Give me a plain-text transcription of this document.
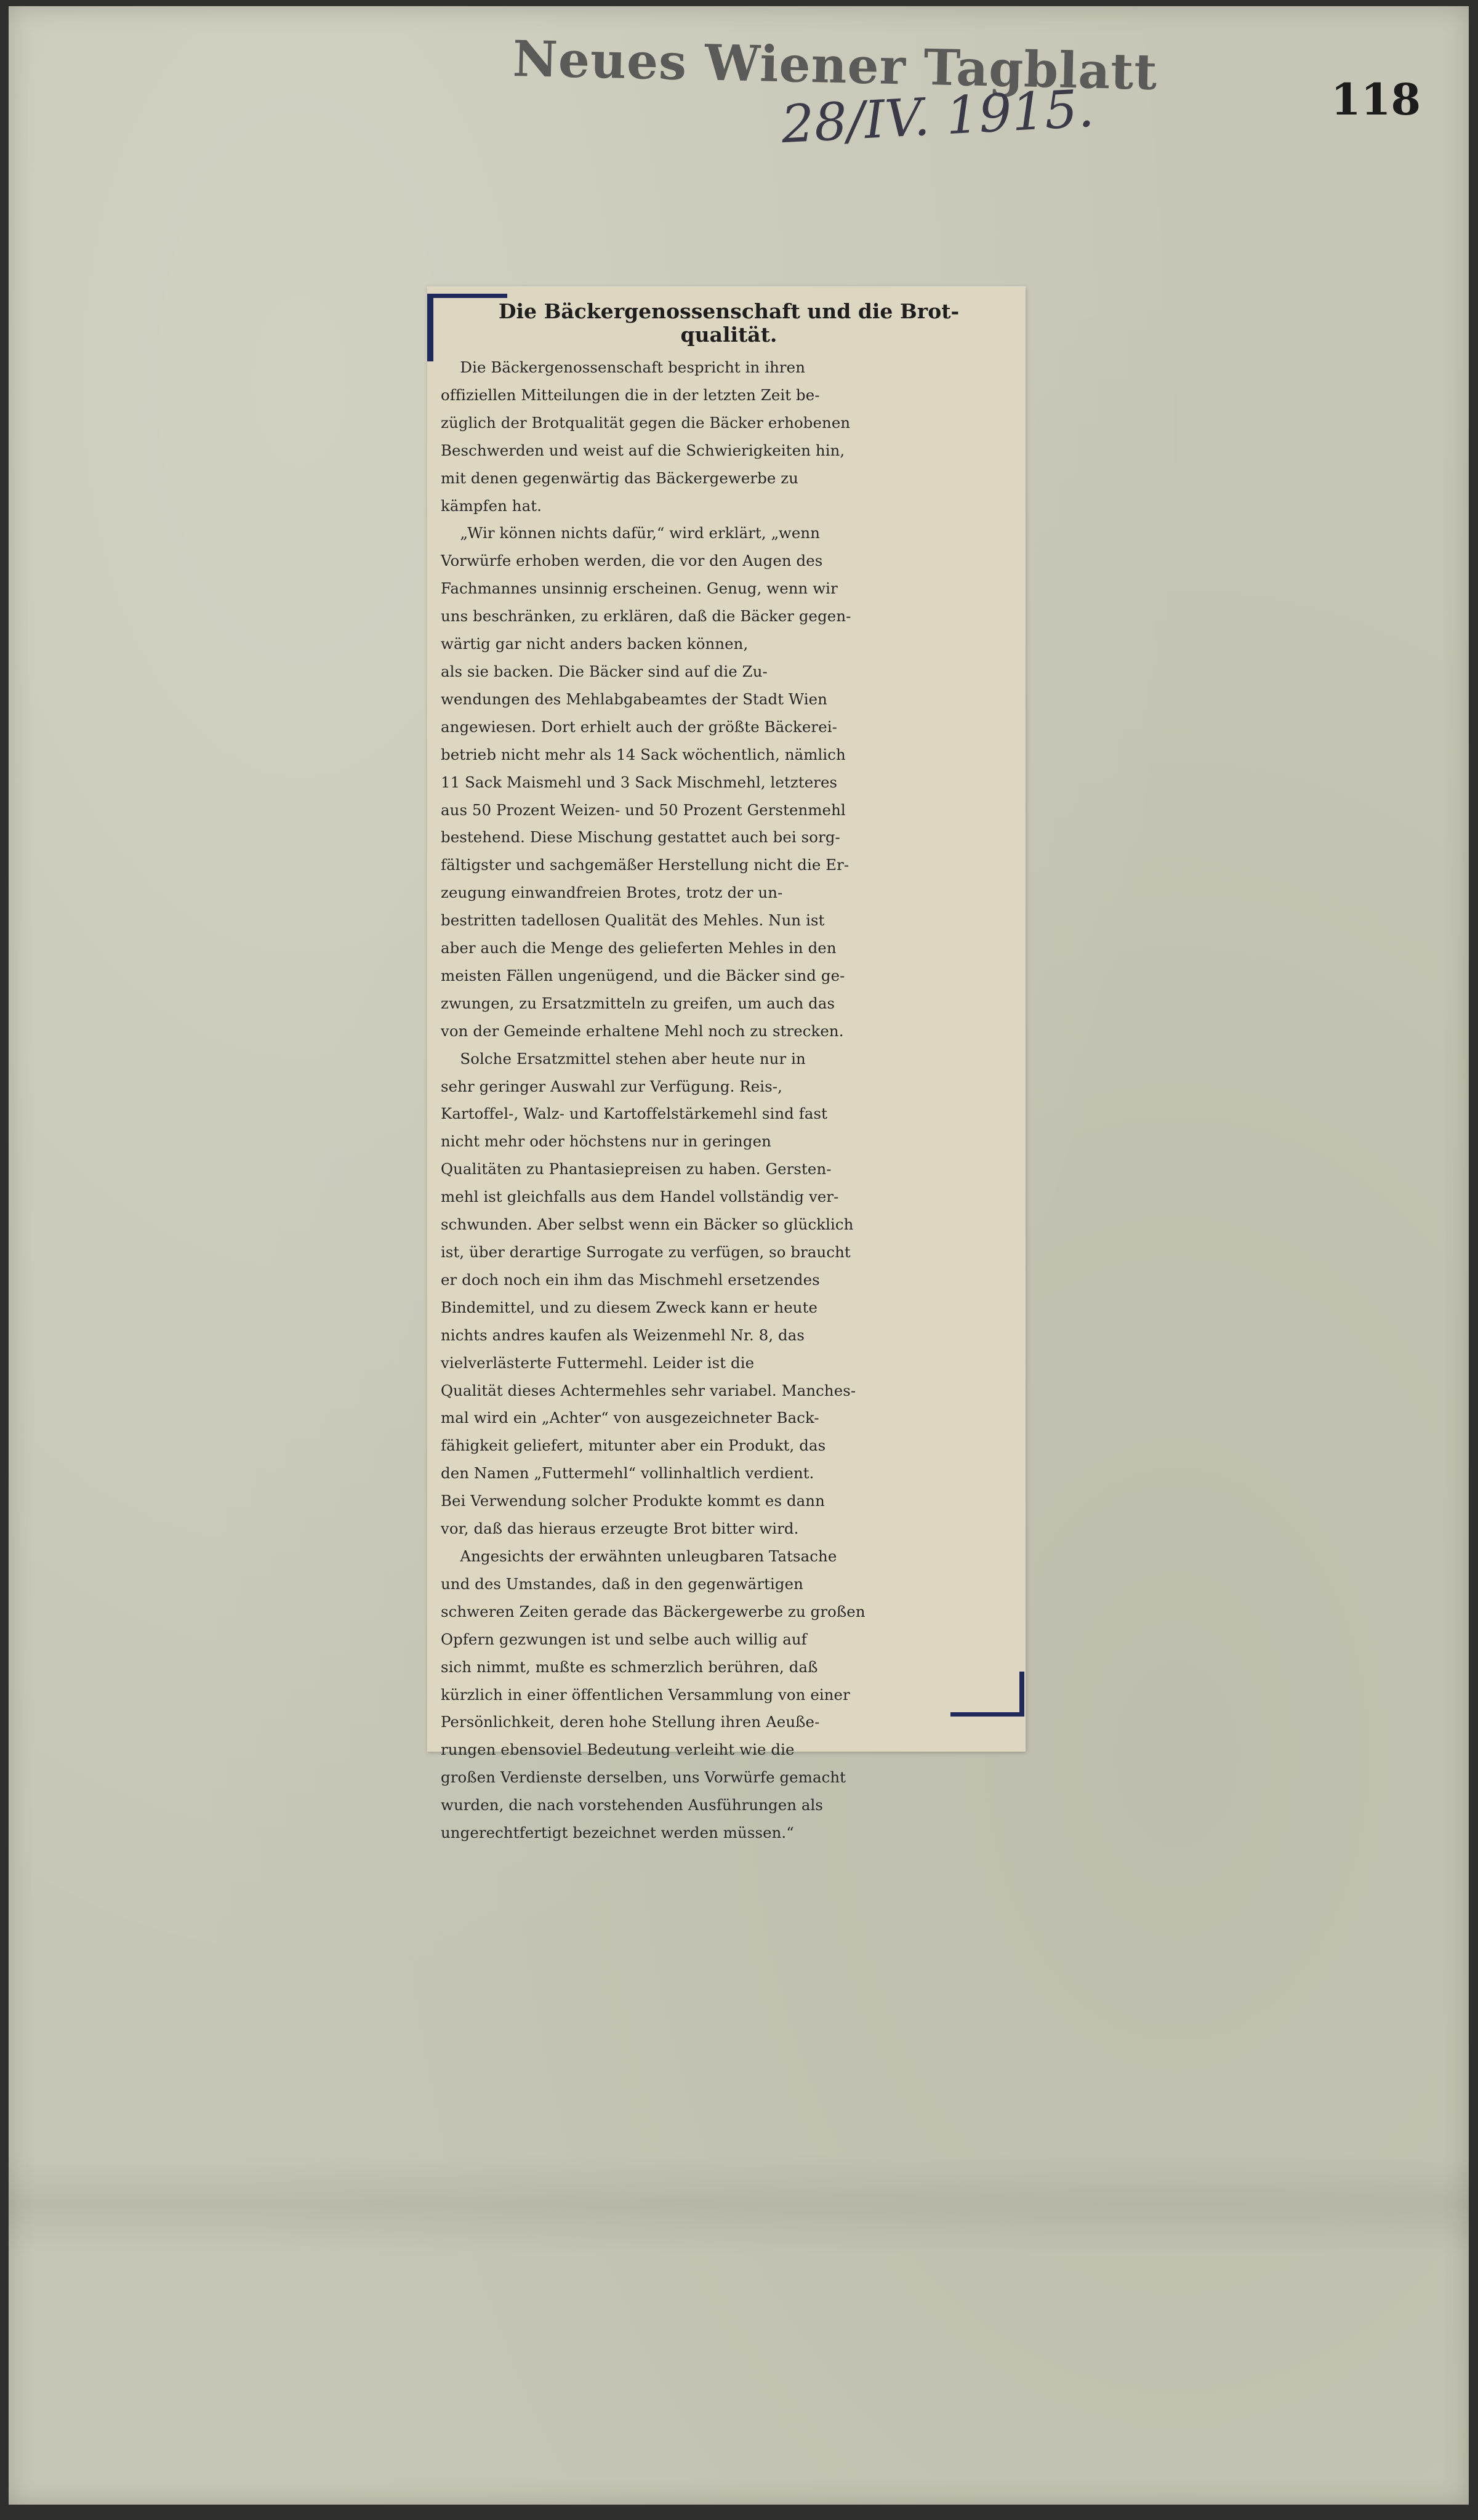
Neues Wiener Tagblatt
28/IV. 1915.	118
Die Bäckergenossenschaft und die Brot-
qualität.
Die Bäckergenossenschaft bespricht in ihren
offiziellen Mitteilungen die in der letzten Zeit be-
züglich der Brotqualität gegen die Bäcker erhobenen
Beschwerden und weist auf die Schwierigkeiten hin,
mit denen gegenwärtig das Bäckergewerbe zu
kämpfen hat.
„Wir können nichts dafür,“ wird erklärt, „wenn
Vorwürfe erhoben werden, die vor den Augen des
Fachmannes unsinnig erscheinen. Genug, wenn wir
uns beschränken, zu erklären, daß die Bäcker gegen-
wärtig gar nicht anders backen können,
als sie backen. Die Bäcker sind auf die Zu-
wendungen des Mehlabgabeamtes der Stadt Wien
angewiesen. Dort erhielt auch der größte Bäckerei-
betrieb nicht mehr als 14 Sack wöchentlich, nämlich
11 Sack Maismehl und 3 Sack Mischmehl, letzteres
aus 50 Prozent Weizen- und 50 Prozent Gerstenmehl
bestehend. Diese Mischung gestattet auch bei sorg-
fältigster und sachgemäßer Herstellung nicht die Er-
zeugung einwandfreien Brotes, trotz der un-
bestritten tadellosen Qualität des Mehles. Nun ist
aber auch die Menge des gelieferten Mehles in den
meisten Fällen ungenügend, und die Bäcker sind ge-
zwungen, zu Ersatzmitteln zu greifen, um auch das
von der Gemeinde erhaltene Mehl noch zu strecken.
Solche Ersatzmittel stehen aber heute nur in
sehr geringer Auswahl zur Verfügung. Reis-,
Kartoffel-, Walz- und Kartoffelstärkemehl sind fast
nicht mehr oder höchstens nur in geringen
Qualitäten zu Phantasiepreisen zu haben. Gersten-
mehl ist gleichfalls aus dem Handel vollständig ver-
schwunden. Aber selbst wenn ein Bäcker so glücklich
ist, über derartige Surrogate zu verfügen, so braucht
er doch noch ein ihm das Mischmehl ersetzendes
Bindemittel, und zu diesem Zweck kann er heute
nichts andres kaufen als Weizenmehl Nr. 8, das
vielverlästerte Futtermehl. Leider ist die
Qualität dieses Achtermehles sehr variabel. Manches-
mal wird ein „Achter“ von ausgezeichneter Back-
fähigkeit geliefert, mitunter aber ein Produkt, das
den Namen „Futtermehl“ vollinhaltlich verdient.
Bei Verwendung solcher Produkte kommt es dann
vor, daß das hieraus erzeugte Brot bitter wird.
Angesichts der erwähnten unleugbaren Tatsache
und des Umstandes, daß in den gegenwärtigen
schweren Zeiten gerade das Bäckergewerbe zu großen
Opfern gezwungen ist und selbe auch willig auf
sich nimmt, mußte es schmerzlich berühren, daß
kürzlich in einer öffentlichen Versammlung von einer
Persönlichkeit, deren hohe Stellung ihren Aeuße-
rungen ebensoviel Bedeutung verleiht wie die
großen Verdienste derselben, uns Vorwürfe gemacht
wurden, die nach vorstehenden Ausführungen als
ungerechtfertigt bezeichnet werden müssen.“
